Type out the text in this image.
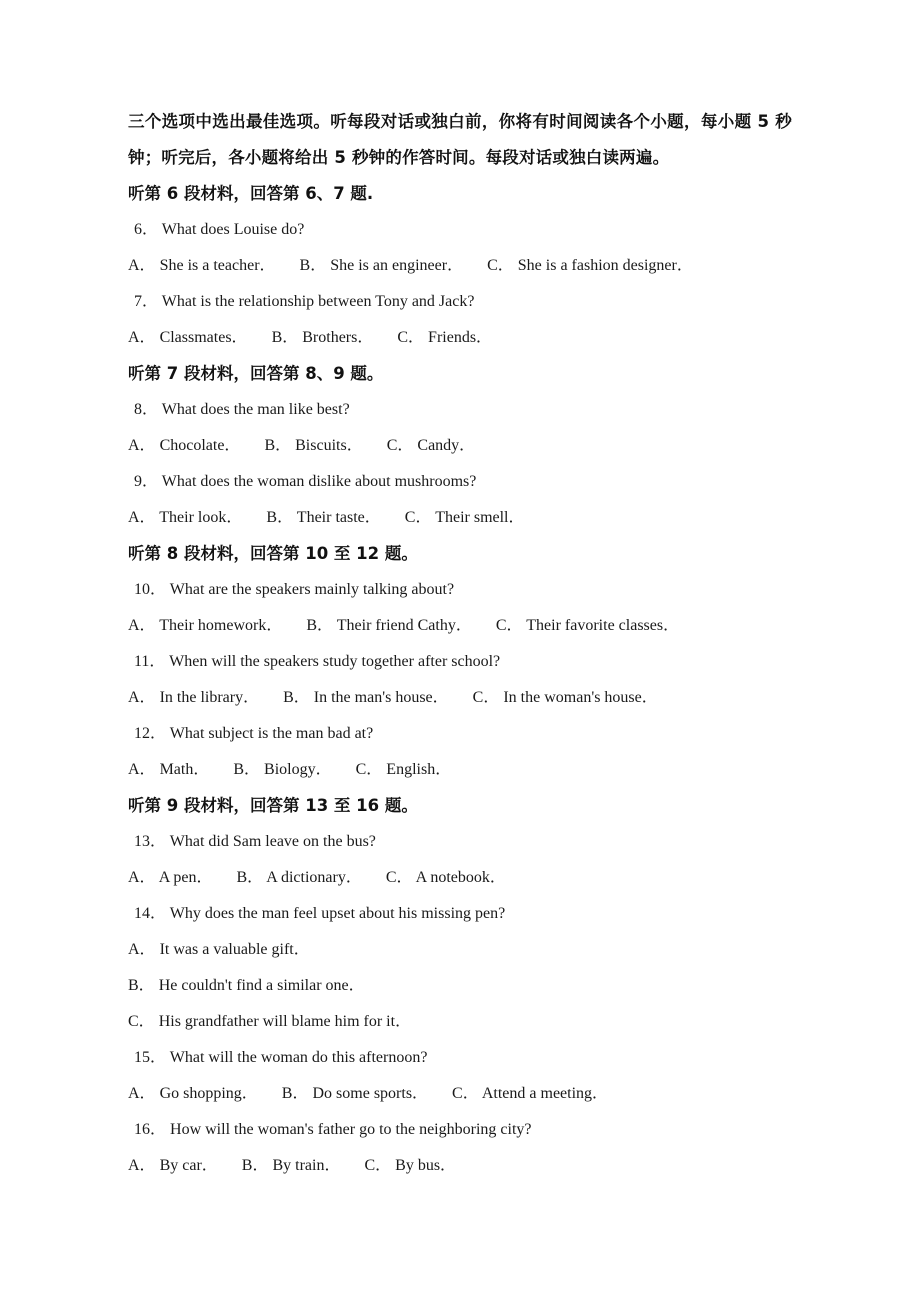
三个选项中选出最佳选项。听每段对话或独白前，你将有时间阅读各个小题，每小题 5 秒钟；听完后，各小题将给出 5 秒钟的作答时间。每段对话或独白读两遍。

听第 6 段材料，回答第 6、7 题.

6． What does Louise do?

A． She is a teacher． B． She is an engineer． C． She is a fashion designer．

7． What is the relationship between Tony and Jack?

A． Classmates． B． Brothers． C． Friends．

听第 7 段材料，回答第 8、9 题。

8． What does the man like best?

A． Chocolate． B． Biscuits． C． Candy．

9． What does the woman dislike about mushrooms?

A． Their look． B． Their taste． C． Their smell．

听第 8 段材料，回答第 10 至 12 题。

10． What are the speakers mainly talking about?

A． Their homework． B． Their friend Cathy． C． Their favorite classes．

11． When will the speakers study together after school?

A． In the library． B． In the man's house． C． In the woman's house．

12． What subject is the man bad at?

A． Math． B． Biology． C． English．

听第 9 段材料，回答第 13 至 16 题。

13． What did Sam leave on the bus?

A． A pen． B． A dictionary． C． A notebook．

14． Why does the man feel upset about his missing pen?

A． It was a valuable gift．

B． He couldn't find a similar one．

C． His grandfather will blame him for it．

15． What will the woman do this afternoon?

A． Go shopping． B． Do some sports． C． Attend a meeting．

16． How will the woman's father go to the neighboring city?

A． By car． B． By train． C． By bus．
